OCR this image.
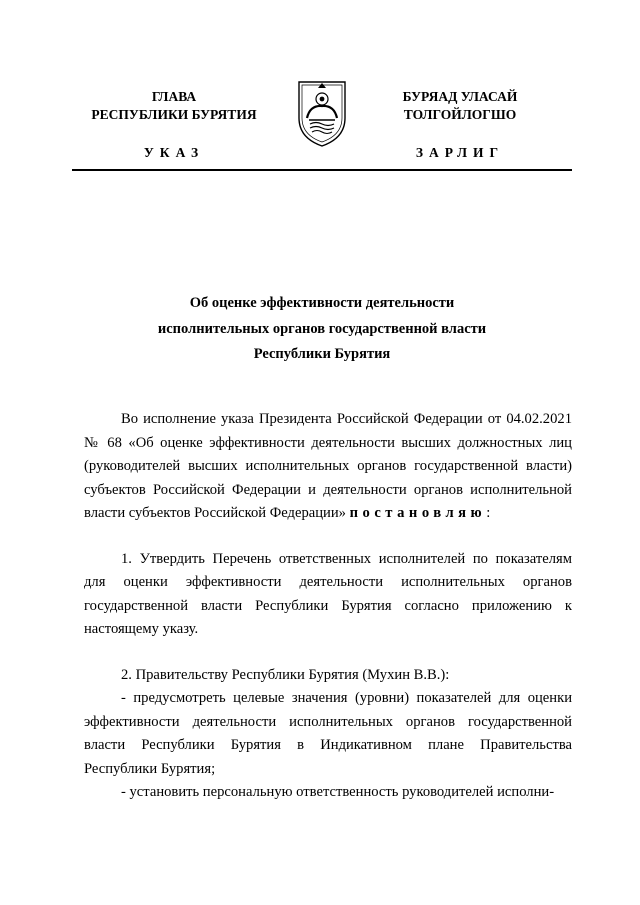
ГЛАВА
РЕСПУБЛИКИ БУРЯТИЯ
УКАЗ
БУРЯАД УЛАСАЙ
ТОЛГОЙЛОГШО
ЗАРЛИГ
Об оценке эффективности деятельности
исполнительных органов государственной власти
Республики Бурятия

Во исполнение указа Президента Российской Федерации от 04.02.2021 № 68 «Об оценке эффективности деятельности высших должностных лиц (руководителей высших исполнительных органов государственной власти) субъектов Российской Федерации и деятельности органов исполнительной власти субъектов Российской Федерации» постановляю:

1. Утвердить Перечень ответственных исполнителей по показателям для оценки эффективности деятельности исполнительных органов государственной власти Республики Бурятия согласно приложению к настоящему указу.

2. Правительству Республики Бурятия (Мухин В.В.):

- предусмотреть целевые значения (уровни) показателей для оценки эффективности деятельности исполнительных органов государственной власти Республики Бурятия в Индикативном плане Правительства Республики Бурятия;

- установить персональную ответственность руководителей исполни-
